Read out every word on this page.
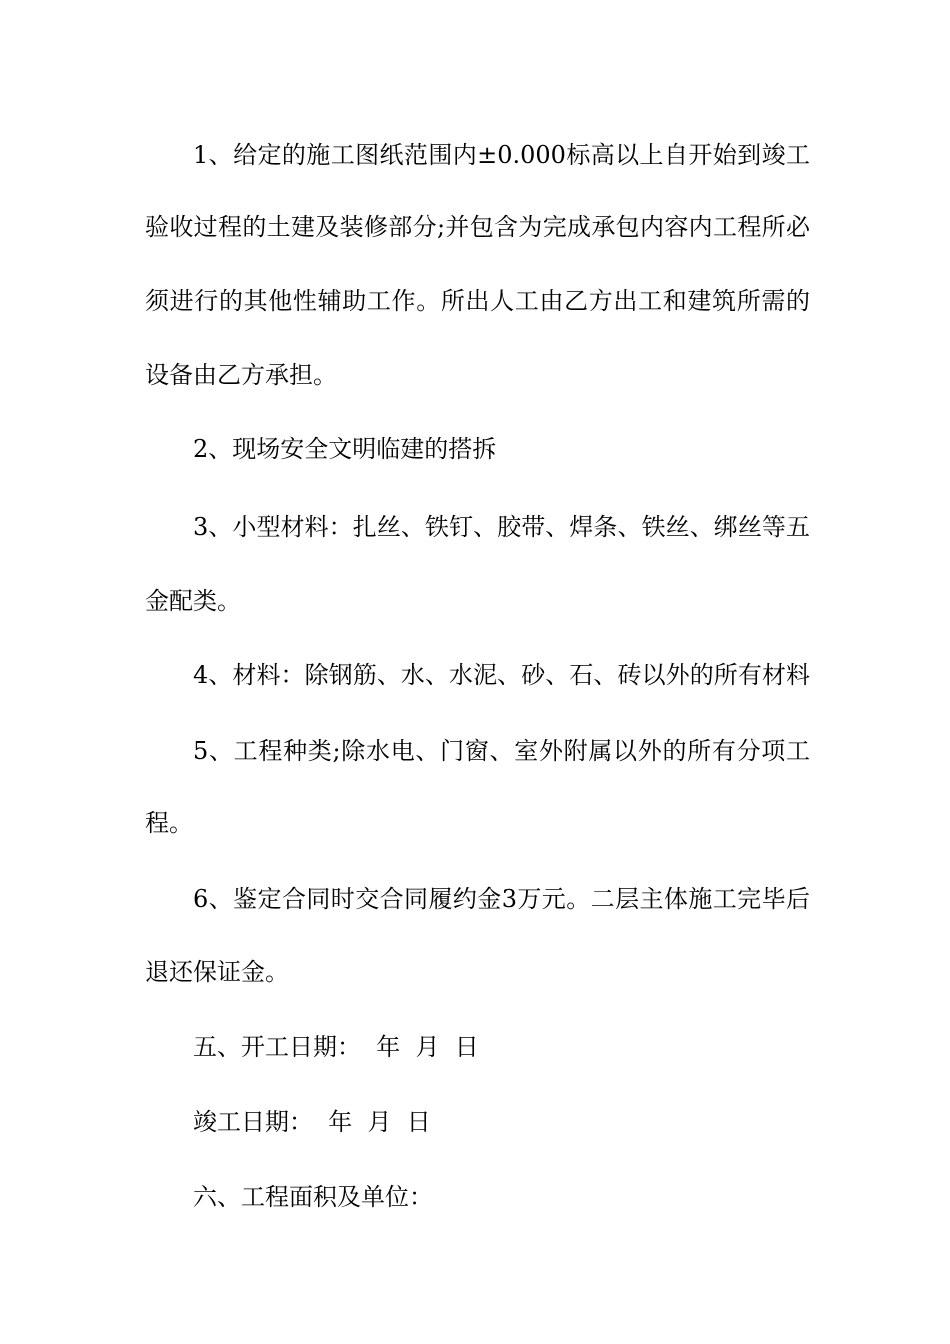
1、给定的施工图纸范围内±0.000标高以上自开始到竣工
验收过程的土建及装修部分;并包含为完成承包内容内工程所必
须进行的其他性辅助工作。所出人工由乙方出工和建筑所需的
设备由乙方承担。
2、现场安全文明临建的搭拆
3、小型材料：扎丝、铁钉、胶带、焊条、铁丝、绑丝等五
金配类。
4、材料：除钢筋、水、水泥、砂、石、砖以外的所有材料
5、工程种类;除水电、门窗、室外附属以外的所有分项工
程。
6、鉴定合同时交合同履约金3万元。二层主体施工完毕后
退还保证金。
五、开工日期：  年  月  日
竣工日期：  年  月  日
六、工程面积及单位：
